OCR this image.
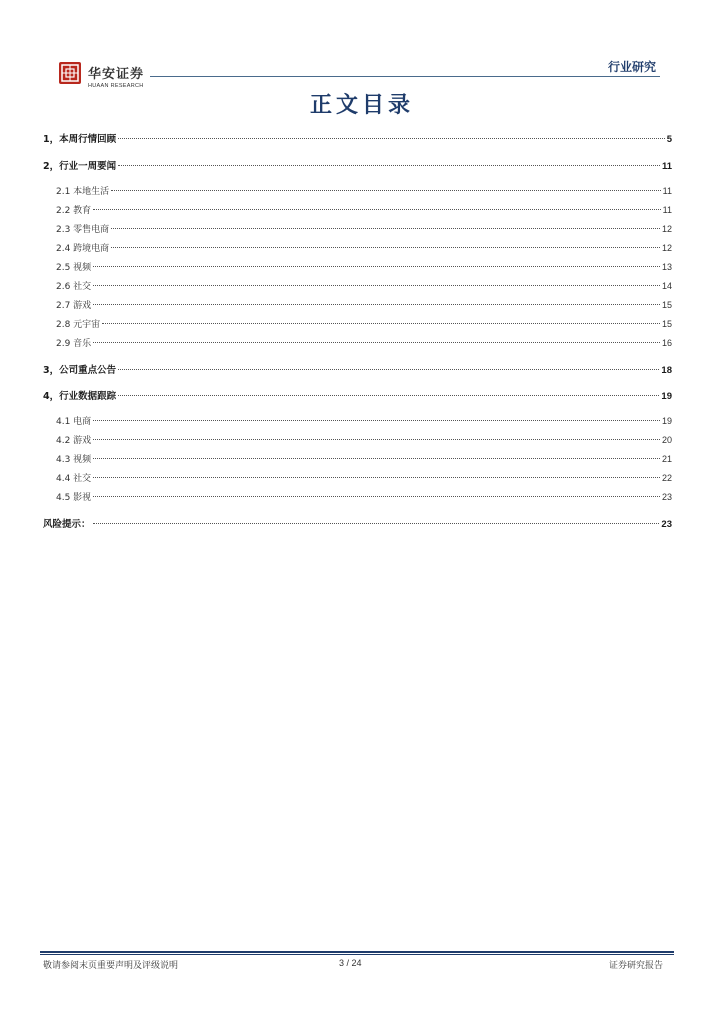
华安证券
HUAAN RESEARCH
行业研究
正文目录
1，本周行情回顾	5
2，行业一周要闻	11
2.1 本地生活	11
2.2 教育	11
2.3 零售电商	12
2.4 跨境电商	12
2.5 视频	13
2.6 社交	14
2.7 游戏	15
2.8 元宇宙	15
2.9 音乐	16
3，公司重点公告	18
4，行业数据跟踪	19
4.1 电商	19
4.2 游戏	20
4.3 视频	21
4.4 社交	22
4.5 影视	23
风险提示：	23
敬请参阅末页重要声明及评级说明	3 / 24	证券研究报告
